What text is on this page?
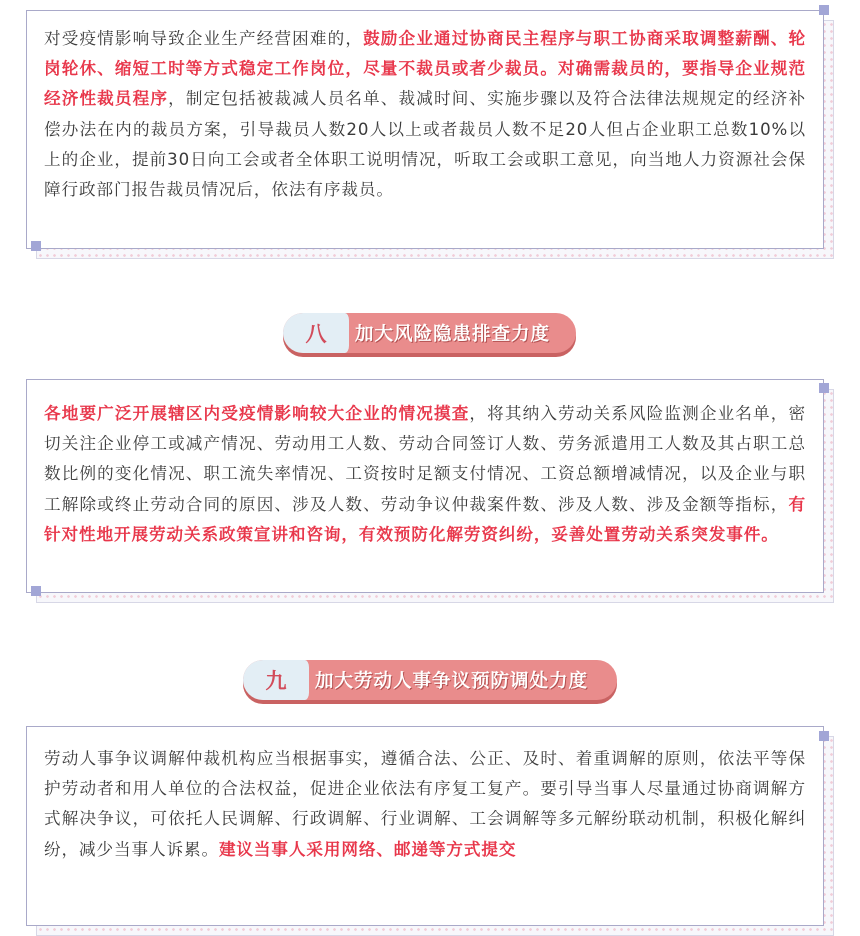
对受疫情影响导致企业生产经营困难的，鼓励企业通过协商民主程序与职工协商采取调整薪酬、轮岗轮休、缩短工时等方式稳定工作岗位，尽量不裁员或者少裁员。对确需裁员的，要指导企业规范经济性裁员程序，制定包括被裁减人员名单、裁减时间、实施步骤以及符合法律法规规定的经济补偿办法在内的裁员方案，引导裁员人数20人以上或者裁员人数不足20人但占企业职工总数10%以上的企业，提前30日向工会或者全体职工说明情况，听取工会或职工意见，向当地人力资源社会保障行政部门报告裁员情况后，依法有序裁员。

八	加大风险隐患排查力度

各地要广泛开展辖区内受疫情影响较大企业的情况摸查，将其纳入劳动关系风险监测企业名单，密切关注企业停工或减产情况、劳动用工人数、劳动合同签订人数、劳务派遣用工人数及其占职工总数比例的变化情况、职工流失率情况、工资按时足额支付情况、工资总额增减情况，以及企业与职工解除或终止劳动合同的原因、涉及人数、劳动争议仲裁案件数、涉及人数、涉及金额等指标，有针对性地开展劳动关系政策宣讲和咨询，有效预防化解劳资纠纷，妥善处置劳动关系突发事件。

九	加大劳动人事争议预防调处力度

劳动人事争议调解仲裁机构应当根据事实，遵循合法、公正、及时、着重调解的原则，依法平等保护劳动者和用人单位的合法权益，促进企业依法有序复工复产。要引导当事人尽量通过协商调解方式解决争议，可依托人民调解、行政调解、行业调解、工会调解等多元解纷联动机制，积极化解纠纷，减少当事人诉累。建议当事人采用网络、邮递等方式提交
